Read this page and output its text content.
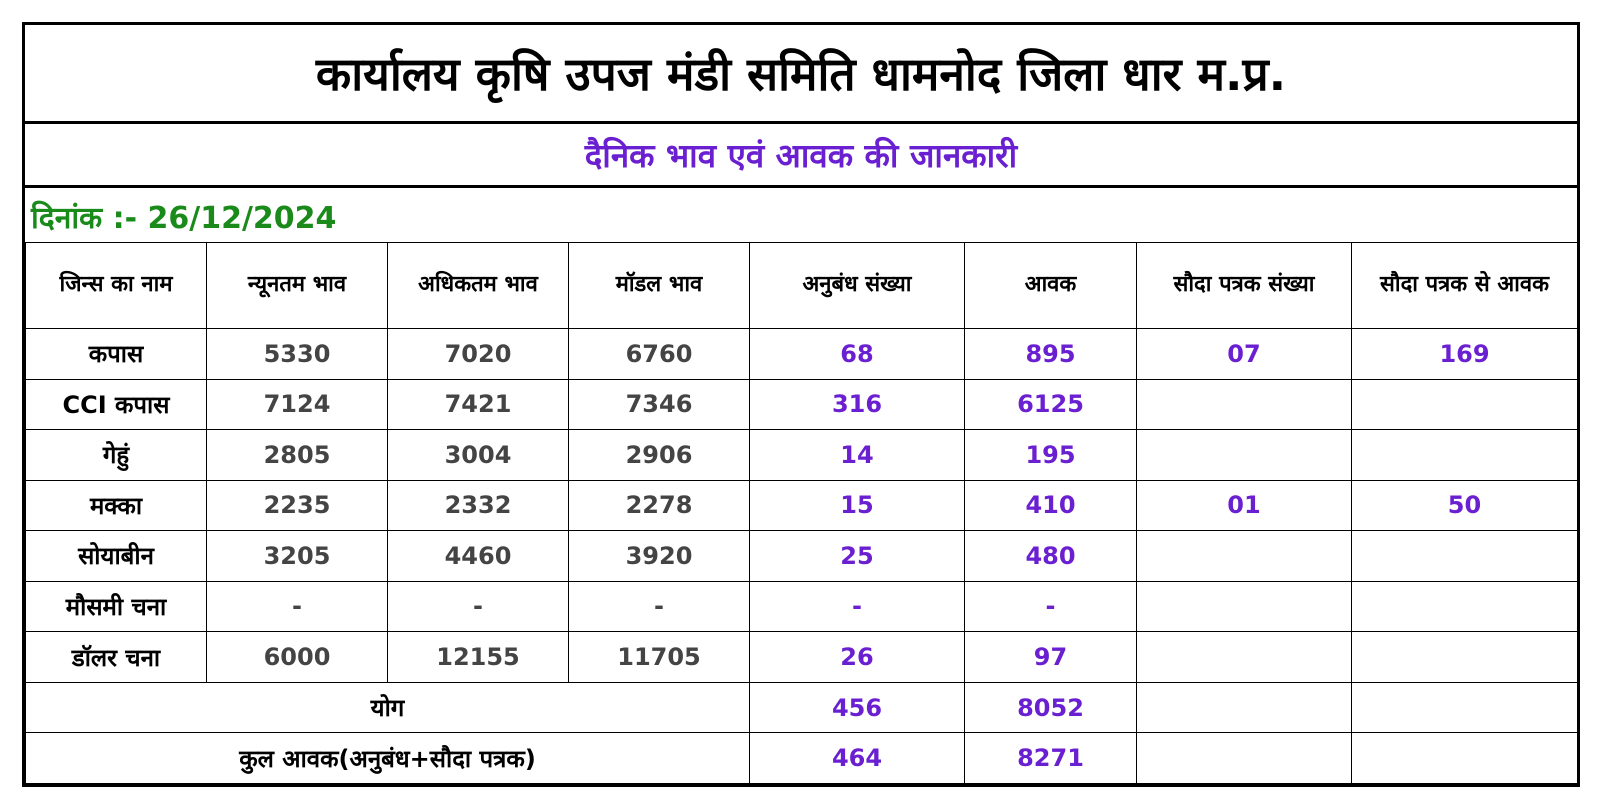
कार्यालय कृषि उपज मंडी समिति धामनोद जिला धार म.प्र.
दैनिक भाव एवं आवक की जानकारी
दिनांक :- 26/12/2024
जिन्स का नाम	न्यूनतम भाव	अधिकतम भाव	मॉडल भाव	अनुबंध संख्या	आवक	सौदा पत्रक संख्या	सौदा पत्रक से आवक
कपास	5330	7020	6760	68	895	07	169
CCI कपास	7124	7421	7346	316	6125		
गेहुं	2805	3004	2906	14	195		
मक्का	2235	2332	2278	15	410	01	50
सोयाबीन	3205	4460	3920	25	480		
मौसमी चना	-	-	-	-	-		
डॉलर चना	6000	12155	11705	26	97		
योग				456	8052		
कुल आवक(अनुबंध+सौदा पत्रक)				464	8271		
